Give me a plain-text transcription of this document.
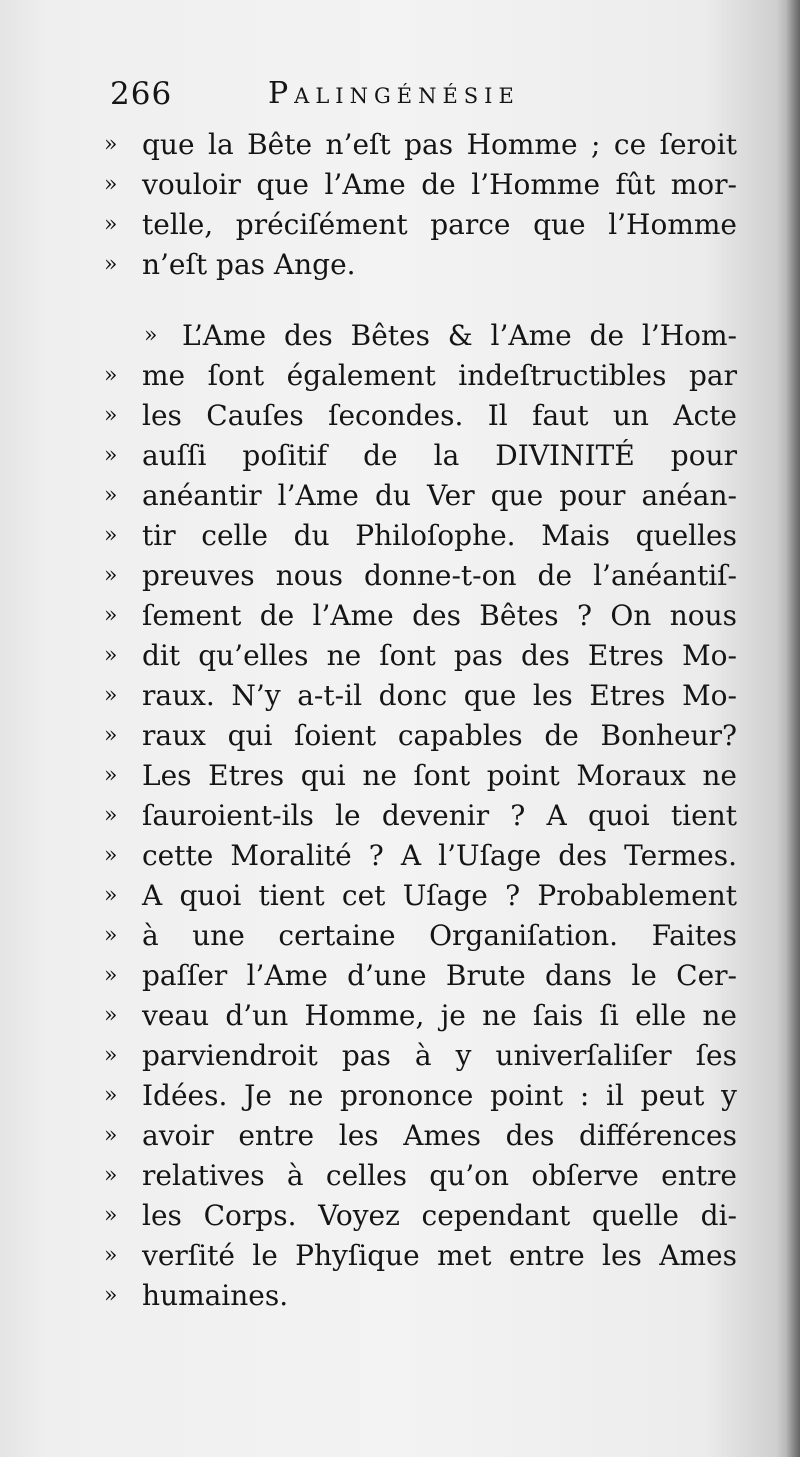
266	Palingénésie
» que la Bête n’eſt pas Homme ; ce ſeroit
» vouloir que l’Ame de l’Homme fût mor-
» telle, préciſément parce que l’Homme
» n’eſt pas Ange.
» L’Ame des Bêtes & l’Ame de l’Hom-
» me ſont également indeſtructibles par
» les Cauſes ſecondes. Il faut un Acte
» auſſi poſitif de la DIVINITÉ pour
» anéantir l’Ame du Ver que pour anéan-
» tir celle du Philoſophe. Mais quelles
» preuves nous donne-t-on de l’anéantiſ-
» ſement de l’Ame des Bêtes ? On nous
» dit qu’elles ne ſont pas des Etres Mo-
» raux. N’y a-t-il donc que les Etres Mo-
» raux qui ſoient capables de Bonheur?
» Les Etres qui ne ſont point Moraux ne
» ſauroient-ils le devenir ? A quoi tient
» cette Moralité ? A l’Uſage des Termes.
» A quoi tient cet Uſage ? Probablement
» à une certaine Organiſation. Faites
» paſſer l’Ame d’une Brute dans le Cer-
» veau d’un Homme, je ne ſais ſi elle ne
» parviendroit pas à y univerſaliſer ſes
» Idées. Je ne prononce point : il peut y
» avoir entre les Ames des différences
» relatives à celles qu’on obſerve entre
» les Corps. Voyez cependant quelle di-
» verſité le Phyſique met entre les Ames
» humaines.
